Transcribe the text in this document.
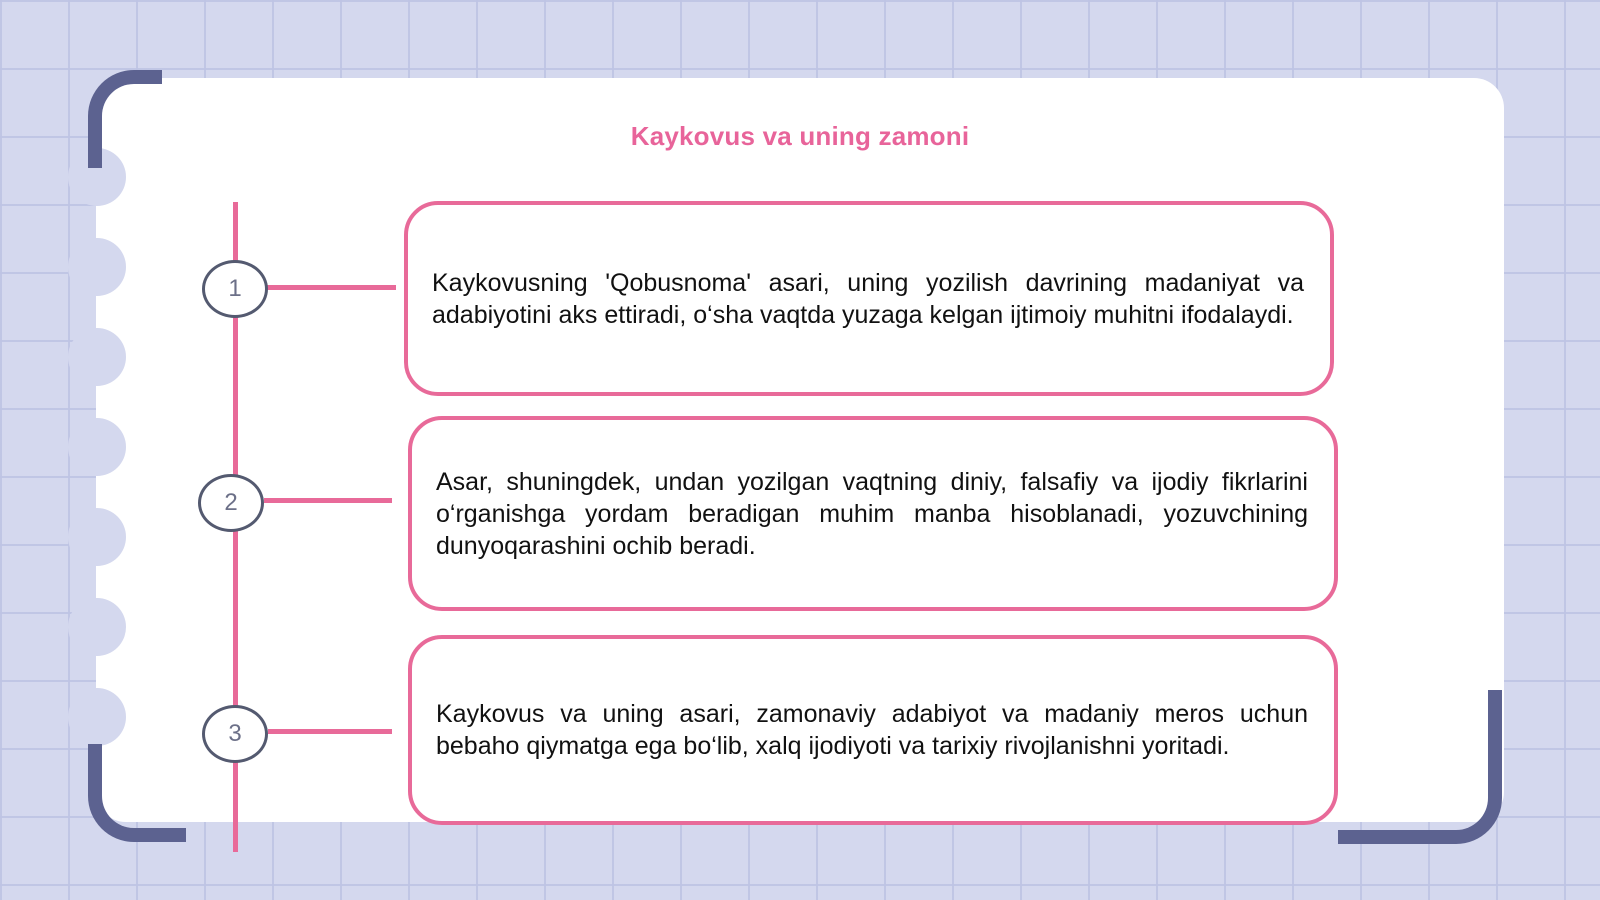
Kaykovus va uning zamoni
1
2
3

Kaykovusning 'Qobusnoma' asari, uning yozilish davrining madaniyat va adabiyotini aks ettiradi, o‘sha vaqtda yuzaga kelgan ijtimoiy muhitni ifodalaydi.

Asar, shuningdek, undan yozilgan vaqtning diniy, falsafiy va ijodiy fikrlarini o‘rganishga yordam beradigan muhim manba hisoblanadi, yozuvchining dunyoqarashini ochib beradi.

Kaykovus va uning asari, zamonaviy adabiyot va madaniy meros uchun bebaho qiymatga ega bo‘lib, xalq ijodiyoti va tarixiy rivojlanishni yoritadi.
